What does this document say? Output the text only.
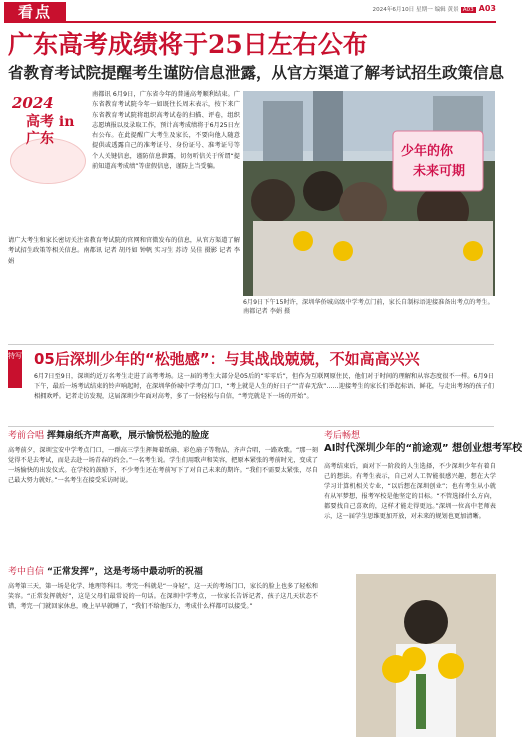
看点	2024年6月10日 星期一 编辑 黄景 A03 A03
广东高考成绩将于25日左右公布
省教育考试院提醒考生谨防信息泄露，从官方渠道了解考试招生政策信息
2024
高考 in 广东
南都讯 6月9日，广东省今年的普通高考顺利结束。广东省教育考试院今年一如既往长周末表示，按下来广东省教育考试院将组织高考试卷的扫描、评卷，组织志愿填报以及录取工作，预计高考成绩将于6月25日左右公布。在此提醒广大考生及家长，不要向他人随意提供或透露自己的准考证号、身份证号、准考证号等个人关键信息，谨防信息泄露，切勿听信关于所谓“提前知道高考成绩”等虚假信息，谨防上当受骗。
请广大考生和家长密切关注省教育考试院的官网和官微发布的信息，从官方渠道了解考试招生政策等相关信息。南都讯 记者 胡丹如 钟帆 实习生 苏诗 吴佳 摄影 记者 李娟
少年的你
未来可期
6月9日下午15时许，深圳华侨城高级中学考点门前，家长自制标语迎接准备出考点的考生。南都记者 李娟 摄
特写 05后深圳少年的“松弛感”：与其战战兢兢，不如高高兴兴
6月7日至9日，深圳约近万名考生走进了高考考场。这一届的考生大部分是05后的“零零后”，但作为互联网原住民，他们对于时间的理解和从容态度很不一样。6月9日下午，最后一场考试结束的铃声响起时，在深圳华侨城中学考点门口，“考上就是人生的好日子”“青春无敌”……迎接考生的家长们举起标语、鲜花，与走出考场的孩子们相拥欢呼。记者走访发现，这届深圳少年面对高考，多了一份轻松与自信，“考完就是下一场的开始”。
考前合唱 挥舞扇纸齐声高歌，展示愉悦松弛的脸庞
高考前夕，深圳宝安中学考点门口，一群高三学生挥舞着纸扇、彩色扇子等物品，齐声合唱，一路欢歌。“那一刻觉得不是去考试，而是去赴一场青春的约会。”一名考生说。学生们用歌声和笑容，把原本紧张的考前时光，变成了一场愉快的出发仪式。在学校的鼓励下，不少考生还在考前写下了对自己未来的期许。“我们不需要太紧张，尽自己最大努力就好。”一名考生在接受采访时说。
考中自信 “正常发挥”，这是考场中最动听的祝福
高考第三天，第一场是化学、地理等科目。考完一科就是“一身轻”，这一天的考场门口，家长的脸上也多了轻松和笑容。“正常发挥就好”，这是父母们最常说的一句话。在深圳中学考点，一位家长告诉记者，孩子这几天状态不错，考完一门就回家休息，晚上早早就睡了，“我们不给他压力，考成什么样都可以接受。”
考后畅想
AI时代深圳少年的“前途观” 想创业想考军校
高考结束后，面对下一阶段的人生选择，不少深圳少年有着自己的想法。有考生表示，自己对人工智能很感兴趣，想在大学学习计算机相关专业，“以后想在深圳创业”；也有考生从小就有从军梦想，报考军校是他坚定的目标。“不管选择什么方向，都要找自己喜欢的，这样才能走得更远。”深圳一位高中老师表示，这一届学生思维更加开放，对未来的规划也更加清晰。
